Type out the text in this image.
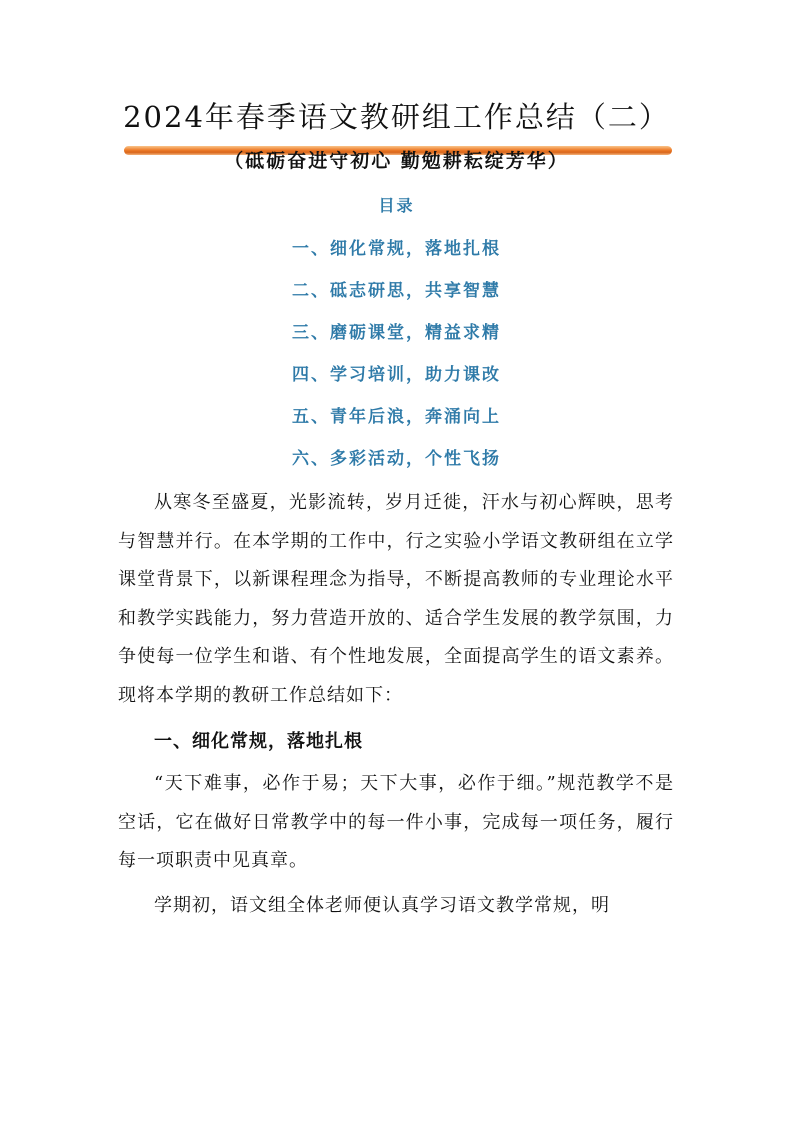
2024年春季语文教研组工作总结（二）
（砥砺奋进守初心 勤勉耕耘绽芳华）
目录
一、细化常规，落地扎根
二、砥志研思，共享智慧
三、磨砺课堂，精益求精
四、学习培训，助力课改
五、青年后浪，奔涌向上
六、多彩活动，个性飞扬

从寒冬至盛夏，光影流转，岁月迁徙，汗水与初心辉映，思考与智慧并行。在本学期的工作中，行之实验小学语文教研组在立学课堂背景下，以新课程理念为指导，不断提高教师的专业理论水平和教学实践能力，努力营造开放的、适合学生发展的教学氛围，力争使每一位学生和谐、有个性地发展，全面提高学生的语文素养。现将本学期的教研工作总结如下：

一、细化常规，落地扎根

“天下难事，必作于易；天下大事，必作于细。”规范教学不是空话，它在做好日常教学中的每一件小事，完成每一项任务，履行每一项职责中见真章。

学期初，语文组全体老师便认真学习语文教学常规，明
